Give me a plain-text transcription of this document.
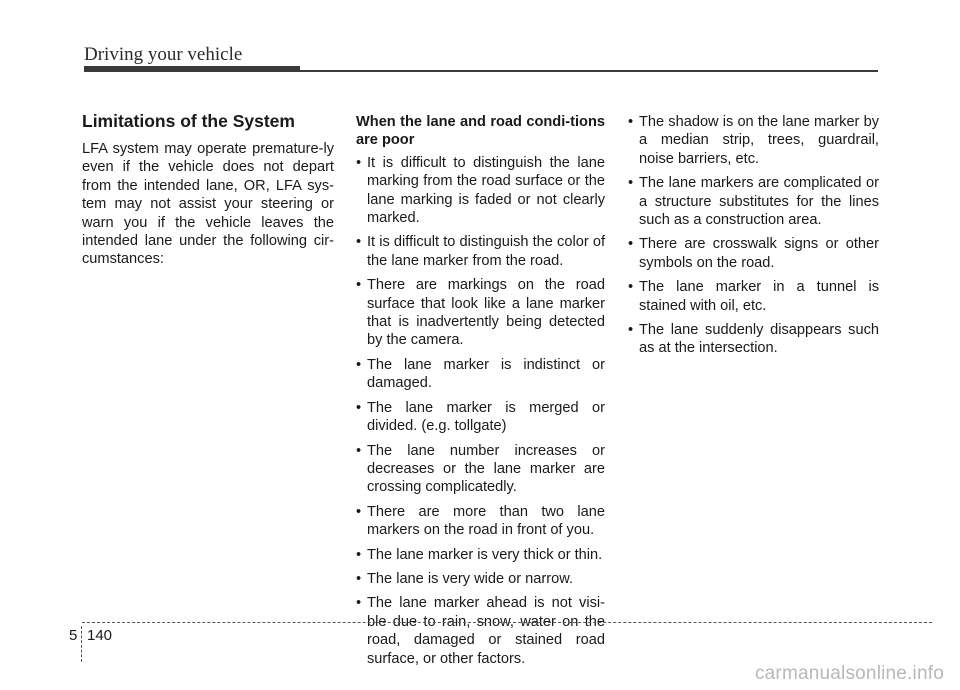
Driving your vehicle
Limitations of the System

LFA system may operate premature-ly even if the vehicle does not depart from the intended lane, OR, LFA sys-tem may not assist your steering or warn you if the vehicle leaves the intended lane under the following cir-cumstances:

When the lane and road condi-tions are poor

• It is difficult to distinguish the lane marking from the road surface or the lane marking is faded or not clearly marked.
• It is difficult to distinguish the color of the lane marker from the road.
• There are markings on the road surface that look like a lane marker that is inadvertently being detected by the camera.
• The lane marker is indistinct or damaged.
• The lane marker is merged or divided. (e.g. tollgate)
• The lane number increases or decreases or the lane marker are crossing complicatedly.
• There are more than two lane markers on the road in front of you.
• The lane marker is very thick or thin.
• The lane is very wide or narrow.
• The lane marker ahead is not visi-ble due to rain, snow, water on the road, damaged or stained road surface, or other factors.
• The shadow is on the lane marker by a median strip, trees, guardrail, noise barriers, etc.
• The lane markers are complicated or a structure substitutes for the lines such as a construction area.
• There are crosswalk signs or other symbols on the road.
• The lane marker in a tunnel is stained with oil, etc.
• The lane suddenly disappears such as at the intersection.
5 140
carmanualsonline.info
